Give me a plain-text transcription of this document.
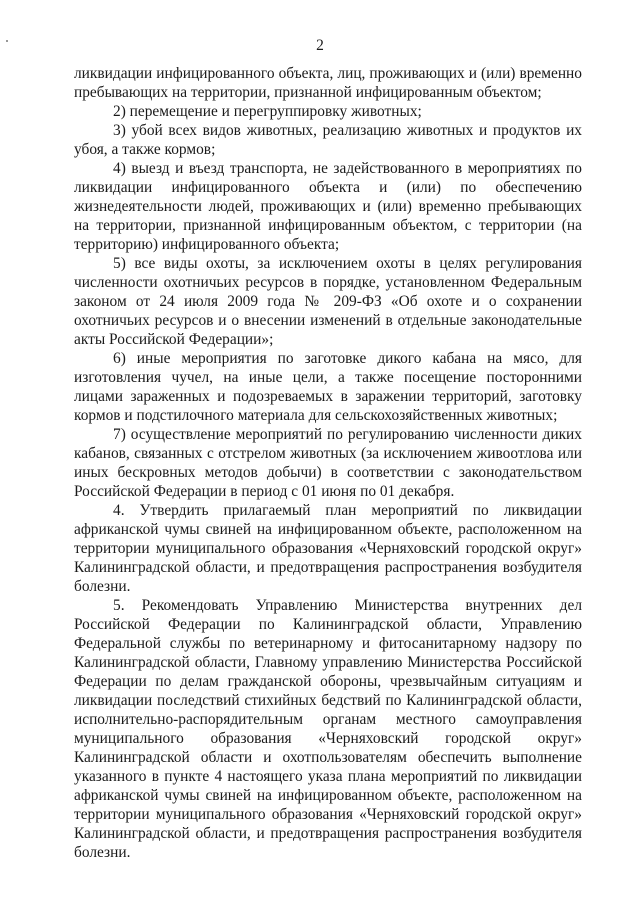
2

ликвидации инфицированного объекта, лиц, проживающих и (или) временно пребывающих на территории, признанной инфицированным объектом;

2) перемещение и перегруппировку животных;

3) убой всех видов животных, реализацию животных и продуктов их убоя, а также кормов;

4) выезд и въезд транспорта, не задействованного в мероприятиях по ликвидации инфицированного объекта и (или) по обеспечению жизнедеятельности людей, проживающих и (или) временно пребывающих на территории, признанной инфицированным объектом, с территории (на территорию) инфицированного объекта;

5) все виды охоты, за исключением охоты в целях регулирования численности охотничьих ресурсов в порядке, установленном Федеральным законом от 24 июля 2009 года № 209-ФЗ «Об охоте и о сохранении охотничьих ресурсов и о внесении изменений в отдельные законодательные акты Российской Федерации»;

6) иные мероприятия по заготовке дикого кабана на мясо, для изготовления чучел, на иные цели, а также посещение посторонними лицами зараженных и подозреваемых в заражении территорий, заготовку кормов и подстилочного материала для сельскохозяйственных животных;

7) осуществление мероприятий по регулированию численности диких кабанов, связанных с отстрелом животных (за исключением живоотлова или иных бескровных методов добычи) в соответствии с законодательством Российской Федерации в период с 01 июня по 01 декабря.

4. Утвердить прилагаемый план мероприятий по ликвидации африканской чумы свиней на инфицированном объекте, расположенном на территории муниципального образования «Черняховский городской округ» Калининградской области, и предотвращения распространения возбудителя болезни.

5. Рекомендовать Управлению Министерства внутренних дел Российской Федерации по Калининградской области, Управлению Федеральной службы по ветеринарному и фитосанитарному надзору по Калининградской области, Главному управлению Министерства Российской Федерации по делам гражданской обороны, чрезвычайным ситуациям и ликвидации последствий стихийных бедствий по Калининградской области, исполнительно-распорядительным органам местного самоуправления муниципального образования «Черняховский городской округ» Калининградской области и охотпользователям обеспечить выполнение указанного в пункте 4 настоящего указа плана мероприятий по ликвидации африканской чумы свиней на инфицированном объекте, расположенном на территории муниципального образования «Черняховский городской округ» Калининградской области, и предотвращения распространения возбудителя болезни.
